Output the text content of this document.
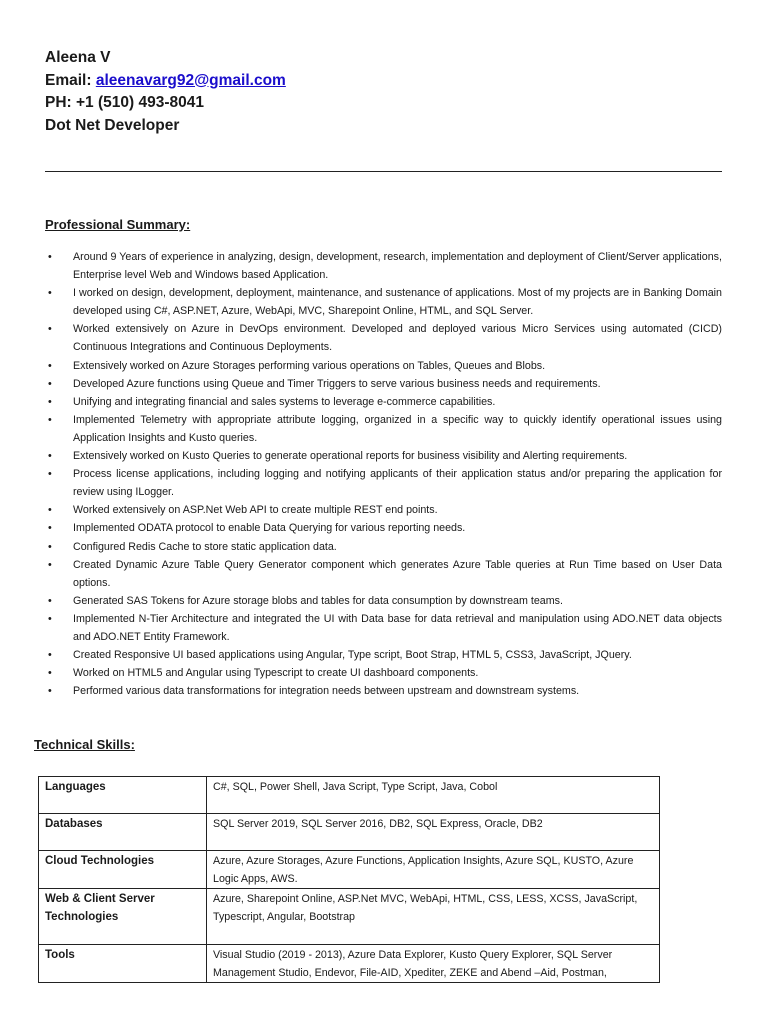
Aleena V
Email: aleenavarg92@gmail.com
PH: +1 (510) 493-8041
Dot Net Developer
Professional Summary:
• Around 9 Years of experience in analyzing, design, development, research, implementation and deployment of Client/Server applications, Enterprise level Web and Windows based Application.
• I worked on design, development, deployment, maintenance, and sustenance of applications. Most of my projects are in Banking Domain developed using C#, ASP.NET, Azure, WebApi, MVC, Sharepoint Online, HTML, and SQL Server.
• Worked extensively on Azure in DevOps environment. Developed and deployed various Micro Services using automated (CICD) Continuous Integrations and Continuous Deployments.
• Extensively worked on Azure Storages performing various operations on Tables, Queues and Blobs.
• Developed Azure functions using Queue and Timer Triggers to serve various business needs and requirements.
• Unifying and integrating financial and sales systems to leverage e-commerce capabilities.
• Implemented Telemetry with appropriate attribute logging, organized in a specific way to quickly identify operational issues using Application Insights and Kusto queries.
• Extensively worked on Kusto Queries to generate operational reports for business visibility and Alerting requirements.
• Process license applications, including logging and notifying applicants of their application status and/or preparing the application for review using ILogger.
• Worked extensively on ASP.Net Web API to create multiple REST end points.
• Implemented ODATA protocol to enable Data Querying for various reporting needs.
• Configured Redis Cache to store static application data.
• Created Dynamic Azure Table Query Generator component which generates Azure Table queries at Run Time based on User Data options.
• Generated SAS Tokens for Azure storage blobs and tables for data consumption by downstream teams.
• Implemented N-Tier Architecture and integrated the UI with Data base for data retrieval and manipulation using ADO.NET data objects and ADO.NET Entity Framework.
• Created Responsive UI based applications using Angular, Type script, Boot Strap, HTML 5, CSS3, JavaScript, JQuery.
• Worked on HTML5 and Angular using Typescript to create UI dashboard components.
• Performed various data transformations for integration needs between upstream and downstream systems.
Technical Skills:
Languages	C#, SQL, Power Shell, Java Script, Type Script, Java, Cobol
Databases	SQL Server 2019, SQL Server 2016, DB2, SQL Express, Oracle, DB2
Cloud Technologies	Azure, Azure Storages, Azure Functions, Application Insights, Azure SQL, KUSTO, Azure Logic Apps, AWS.
Web & Client Server Technologies	Azure, Sharepoint Online, ASP.Net MVC, WebApi, HTML, CSS, LESS, XCSS, JavaScript, Typescript, Angular, Bootstrap
Tools	Visual Studio (2019 - 2013), Azure Data Explorer, Kusto Query Explorer, SQL Server Management Studio, Endevor, File-AID, Xpediter, ZEKE and Abend –Aid, Postman,
